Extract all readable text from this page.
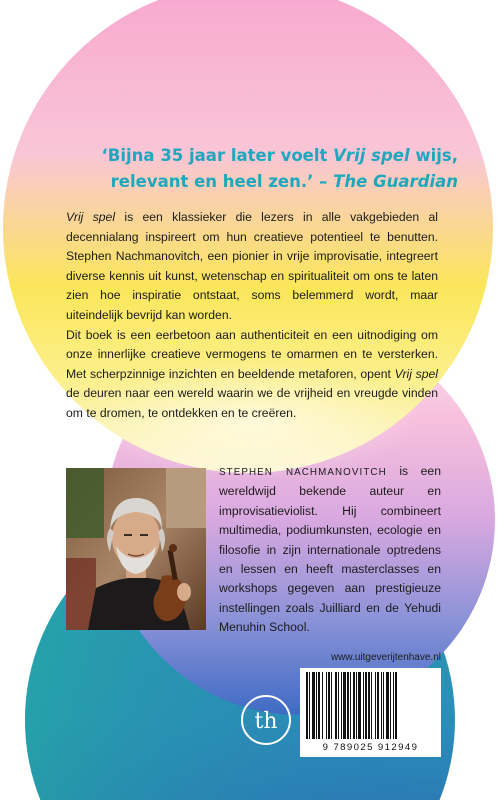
‘Bijna 35 jaar later voelt Vrij spel wijs,
relevant en heel zen.’ – The Guardian

Vrij spel is een klassieker die lezers in alle vakgebieden al decennialang inspireert om hun creatieve potentieel te benutten. Stephen Nachmanovitch, een pionier in vrije improvisatie, integreert diverse kennis uit kunst, wetenschap en spiritualiteit om ons te laten zien hoe inspiratie ontstaat, soms belemmerd wordt, maar uiteindelijk bevrijd kan worden.

Dit boek is een eerbetoon aan authenticiteit en een uitnodiging om onze innerlijke creatieve vermogens te omarmen en te versterken. Met scherpzinnige inzichten en beeldende metaforen, opent Vrij spel de deuren naar een wereld waarin we de vrijheid en vreugde vinden om te dromen, te ontdekken en te creëren.

STEPHEN NACHMANOVITCH is een wereldwijd bekende auteur en improvisatieviolist. Hij combineert multimedia, podiumkunsten, ecologie en filosofie in zijn internationale optredens en lessen en heeft masterclasses en workshops gegeven aan prestigieuze instellingen zoals Juilliard en de Yehudi Menuhin School.
www.uitgeverijtenhave.nl
th
9 789025 912949
